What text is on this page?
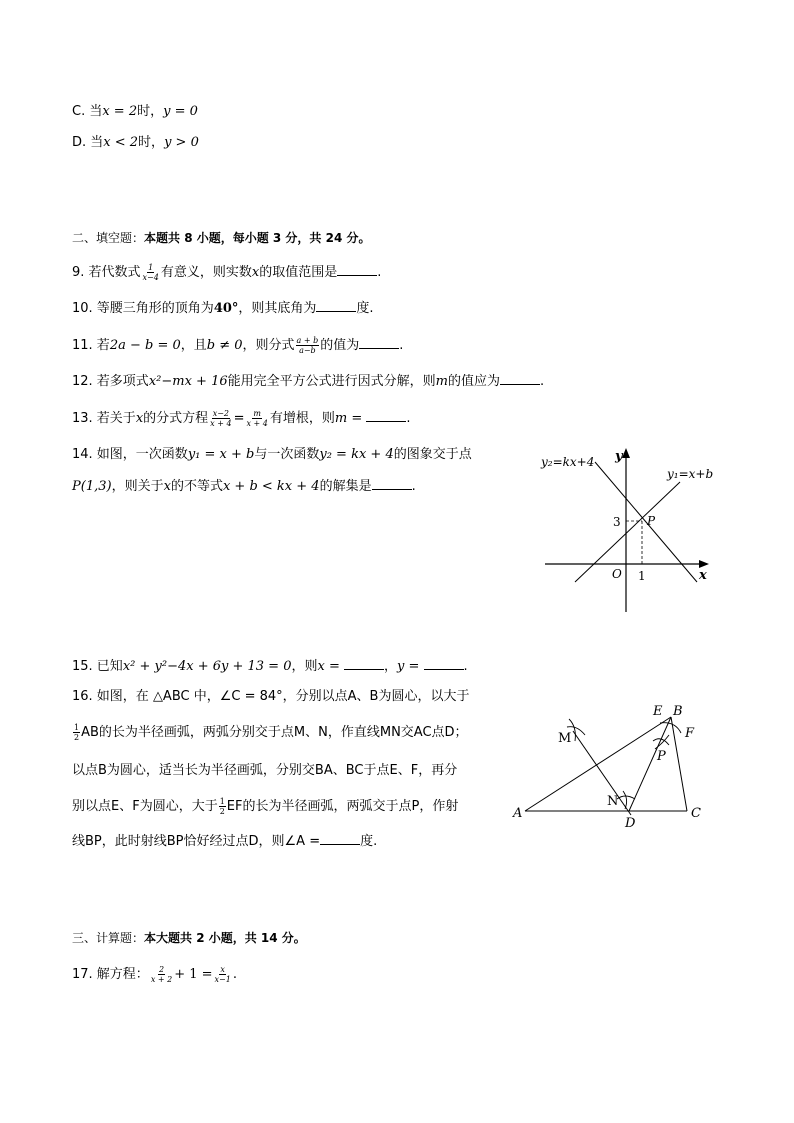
C. 当x = 2时，y = 0
D. 当x < 2时，y > 0
二、填空题：本题共 8 小题，每小题 3 分，共 24 分。
9. 若代数式 $\frac{1}{x-4}$ 有意义，则实数x的取值范围是	.
10. 等腰三角形的顶角为40°，则其底角为	度.
11. 若2a − b = 0，且b ≠ 0，则分式 $\frac{a + b}{a-b}$ 的值为	.
12. 若多项式x²−mx + 16能用完全平方公式进行因式分解，则m的值应为	.
13. 若关于x的分式方程 $\frac{x-2}{x + 4} = \frac{m}{x + 4}$ 有增根，则m =	.
14. 如图，一次函数y₁ = x + b与一次函数y₂ = kx + 4的图象交于点
P(1,3)，则关于x的不等式x + b < kx + 4的解集是	.
y₂=kx+4
y₁=x+b
y
x
O 1
3 P
15. 已知x² + y²−4x + 6y + 13 = 0，则x =	，y =	.
16. 如图，在 △ABC 中，∠C = 84°，分别以点A、B为圆心，以大于
$\frac{1}{2}$ AB的长为半径画弧，两弧分别交于点M、N，作直线MN交AC点D；
以点B为圆心，适当长为半径画弧，分别交BA、BC于点E、F，再分
别以点E、F为圆心，大于 $\frac{1}{2}$ EF的长为半径画弧，两弧交于点P，作射
线BP，此时射线BP恰好经过点D，则∠A =	度.
A
B
C
D
E
F
M
N
P
三、计算题：本大题共 2 小题，共 14 分。
17. 解方程： $\frac{2}{x + 2} + 1 = \frac{x}{x-1}$ .
